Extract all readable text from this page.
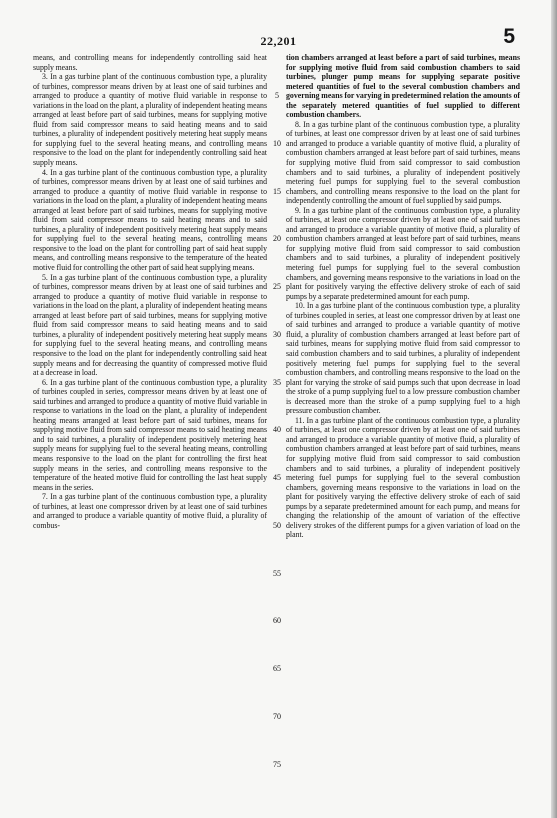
22,201	5

means, and controlling means for independently controlling said heat supply means.

3. In a gas turbine plant of the continuous combustion type, a plurality of turbines, compressor means driven by at least one of said turbines and arranged to produce a quantity of motive fluid variable in response to variations in the load on the plant, a plurality of independent heating means arranged at least before part of said turbines, means for supplying motive fluid from said compressor means to said heating means and to said turbines, a plurality of independent positively metering heat supply means for supplying fuel to the several heating means, and controlling means responsive to the load on the plant for independently controlling said heat supply means.

4. In a gas turbine plant of the continuous combustion type, a plurality of turbines, compressor means driven by at least one of said turbines and arranged to produce a quantity of motive fluid variable in response to variations in the load on the plant, a plurality of independent heating means arranged at least before part of said turbines, means for supplying motive fluid from said compressor means to said heating means and to said turbines, a plurality of independent positively metering heat supply means for supplying fuel to the several heating means, controlling means responsive to the load on the plant for controlling part of said heat supply means, and controlling means responsive to the temperature of the heated motive fluid for controlling the other part of said heat supplying means.

5. In a gas turbine plant of the continuous combustion type, a plurality of turbines, compressor means driven by at least one of said turbines and arranged to produce a quantity of motive fluid variable in response to variations in the load on the plant, a plurality of independent heating means arranged at least before part of said turbines, means for supplying motive fluid from said compressor means to said heating means and to said turbines, a plurality of independent positively metering heat supply means for supplying fuel to the several heating means, and controlling means responsive to the load on the plant for independently controlling said heat supply means and for decreasing the quantity of compressed motive fluid at a decrease in load.

6. In a gas turbine plant of the continuous combustion type, a plurality of turbines coupled in series, compressor means driven by at least one of said turbines and arranged to produce a quantity of motive fluid variable in response to variations in the load on the plant, a plurality of independent heating means arranged at least before part of said turbines, means for supplying motive fluid from said compressor means to said heating means and to said turbines, a plurality of independent positively metering heat supply means for supplying fuel to the several heating means, controlling means responsive to the load on the plant for controlling the first heat supply means in the series, and controlling means responsive to the temperature of the heated motive fluid for controlling the last heat supply means in the series.

7. In a gas turbine plant of the continuous combustion type, a plurality of turbines, at least one compressor driven by at least one of said turbines and arranged to produce a variable quantity of motive fluid, a plurality of combus-

5
10
15
20
25
30
35
40
45
50
55
60
65
70
75

tion chambers arranged at least before a part of said turbines, means for supplying motive fluid from said combustion chambers to said turbines, plunger pump means for supplying separate positive metered quantities of fuel to the several combustion chambers and governing means for varying in predetermined relation the amounts of the separately metered quantities of fuel supplied to different combustion chambers.

8. In a gas turbine plant of the continuous combustion type, a plurality of turbines, at least one compressor driven by at least one of said turbines and arranged to produce a variable quantity of motive fluid, a plurality of combustion chambers arranged at least before part of said turbines, means for supplying motive fluid from said compressor to said combustion chambers and to said turbines, a plurality of independent positively metering fuel pumps for supplying fuel to the several combustion chambers, and controlling means responsive to the load on the plant for independently controlling the amount of fuel supplied by said pumps.

9. In a gas turbine plant of the continuous combustion type, a plurality of turbines, at least one compressor driven by at least one of said turbines and arranged to produce a variable quantity of motive fluid, a plurality of combustion chambers arranged at least before part of said turbines, means for supplying motive fluid from said compressor to said combustion chambers and to said turbines, a plurality of independent positively metering fuel pumps for supplying fuel to the several combustion chambers, and governing means responsive to the variations in load on the plant for positively varying the effective delivery stroke of each of said pumps by a separate predetermined amount for each pump.

10. In a gas turbine plant of the continuous combustion type, a plurality of turbines coupled in series, at least one compressor driven by at least one of said turbines and arranged to produce a variable quantity of motive fluid, a plurality of combustion chambers arranged at least before part of said turbines, means for supplying motive fluid from said compressor to said combustion chambers and to said turbines, a plurality of independent positively metering fuel pumps for supplying fuel to the several combustion chambers, and controlling means responsive to the load on the plant for varying the stroke of said pumps such that upon decrease in load the stroke of a pump supplying fuel to a low pressure combustion chamber is decreased more than the stroke of a pump supplying fuel to a high pressure combustion chamber.

11. In a gas turbine plant of the continuous combustion type, a plurality of turbines, at least one compressor driven by at least one of said turbines and arranged to produce a variable quantity of motive fluid, a plurality of combustion chambers arranged at least before part of said turbines, means for supplying motive fluid from said compressor to said combustion chambers and to said turbines, a plurality of independent positively metering fuel pumps for supplying fuel to the several combustion chambers, governing means responsive to the variations in load on the plant for positively varying the effective delivery stroke of each of said pumps by a separate predetermined amount for each pump, and means for changing the relationship of the amount of variation of the effective delivery strokes of the different pumps for a given variation of load on the plant.
